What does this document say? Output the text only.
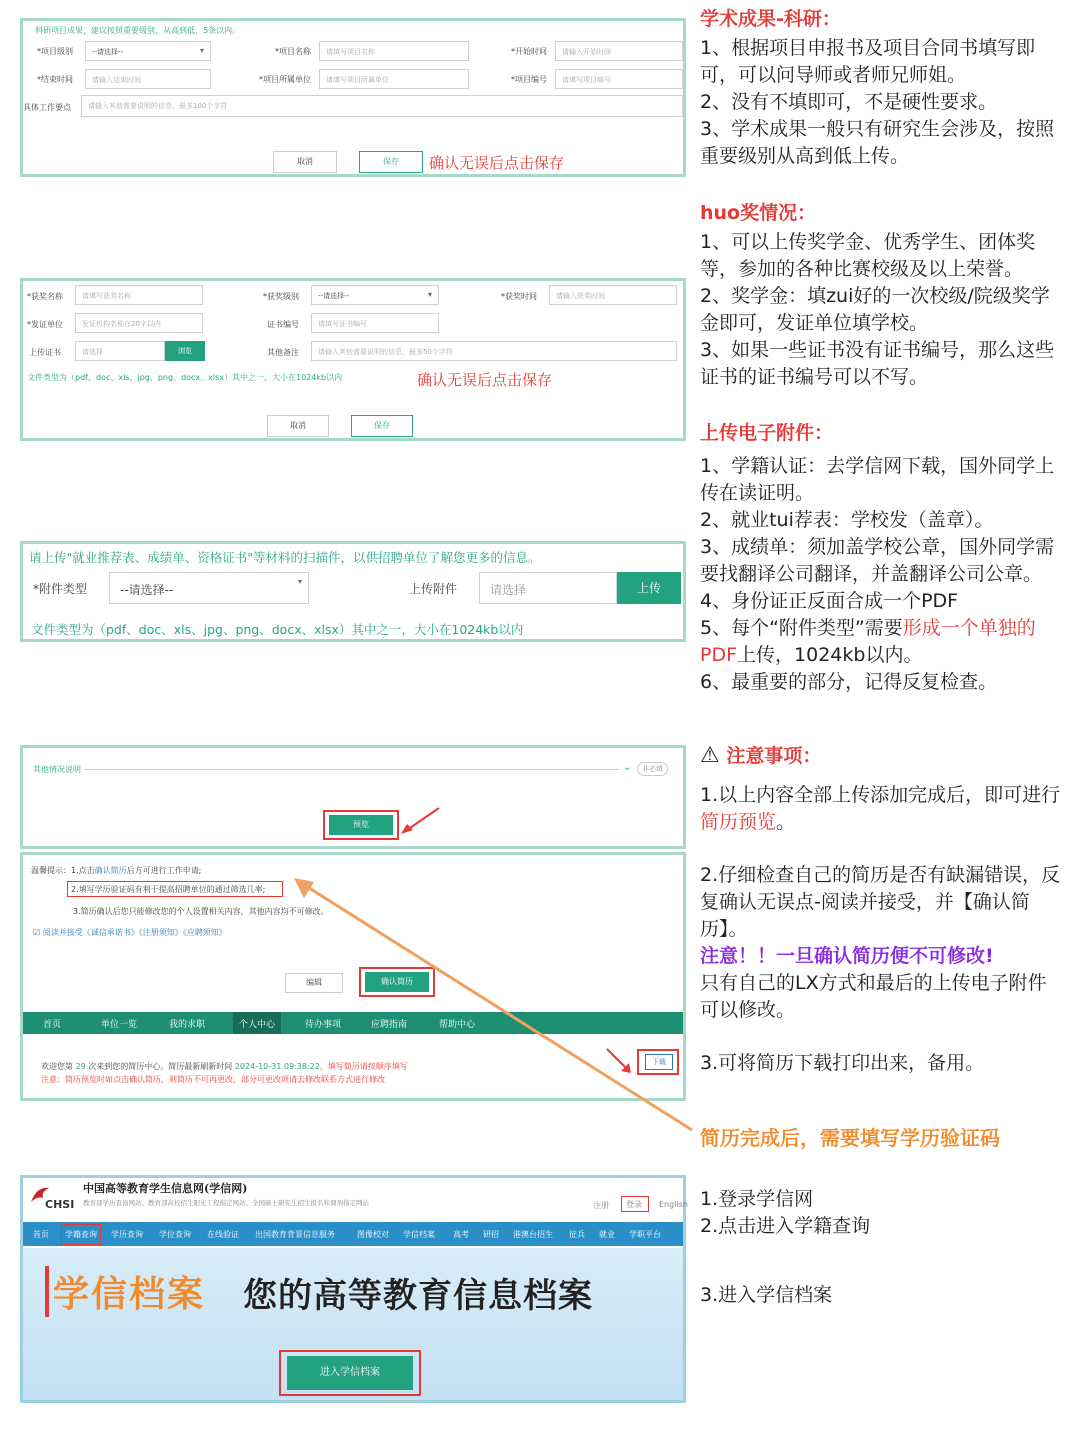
科研项目成果，建议按照重要级别，从高到低，5条以内。
*项目级别	--请选择-- ▾	*项目名称	请填写项目名称	*开始时间	请输入开始时间
*结束时间	请输入结束时间	*项目所属单位	请填写项目所属单位	*项目编号	请填写项目编号
具体工作要点	请输入其他需要说明的信息，最多100个字符
取消	保存	确认无误后点击保存
*获奖名称	请填写获奖名称	*获奖级别	--请选择-- ▾	*获奖时间	请输入获奖时间
*发证单位	发证机构名称在20字以内	证书编号	请填写证书编号
上传证书	请选择	浏览	其他备注	请输入其他需要说明的信息，最多50个字符
文件类型为（pdf、doc、xls、jpg、png、docx、xlsx）其中之一，大小在1024kb以内	确认无误后点击保存
取消	保存
请上传"就业推荐表、成绩单、资格证书"等材料的扫描件，以供招聘单位了解您更多的信息。
*附件类型	--请选择-- ▾	上传附件	请选择	上传
文件类型为（pdf、doc、xls、jpg、png、docx、xlsx）其中之一，大小在1024kb以内
其他情况说明	⌄	非必填
预览
温馨提示：1.点击确认简历后方可进行工作申请;
2.填写学历验证码有利于提高招聘单位的通过筛选几率;
3.简历确认后您只能修改您的个人设置相关内容，其他内容均不可修改。
☑ 阅读并接受《诚信承诺书》《注册须知》《应聘须知》
编辑	确认简历
首页	单位一览	我的求职	个人中心	待办事项	应聘指南	帮助中心
欢迎您第 29 次来到您的简历中心。简历最新刷新时间 2024-10-31 09:38:22，填写简历请按顺序填写
注意：简历预览时如点击确认简历，则简历不可再更改，部分可更改项请去修改联系方式进行修改
下载
CHSI
中国高等教育学生信息网(学信网)
教育部学历查询网站、教育部高校招生阳光工程指定网站、全国硕士研究生招生报名和调剂指定网站	注册 登录 English
首页	学籍查询	学历查询 学位查询 在线验证 出国教育背景信息服务	图像校对 学信档案 高考 研招 港澳台招生 征兵 就业 学职平台
学信档案 您的高等教育信息档案
进入学信档案
学术成果-科研：

1、根据项目申报书及项目合同书填写即可，可以问导师或者师兄师姐。

2、没有不填即可，不是硬性要求。

3、学术成果一般只有研究生会涉及，按照重要级别从高到低上传。

huo奖情况：

1、可以上传奖学金、优秀学生、团体奖等，参加的各种比赛校级及以上荣誉。

2、奖学金：填zui好的一次校级/院级奖学金即可，发证单位填学校。

3、如果一些证书没有证书编号，那么这些证书的证书编号可以不写。

上传电子附件：

1、学籍认证：去学信网下载，国外同学上传在读证明。

2、就业tui荐表：学校发（盖章）。

3、成绩单：须加盖学校公章，国外同学需要找翻译公司翻译，并盖翻译公司公章。

4、身份证正反面合成一个PDF

5、每个“附件类型”需要形成一个单独的PDF上传，1024kb以内。

6、最重要的部分，记得反复检查。

⚠ 注意事项：

1.以上内容全部上传添加完成后，即可进行简历预览。

2.仔细检查自己的简历是否有缺漏错误，反复确认无误点-阅读并接受，并【确认简历】。

注意！！一旦确认简历便不可修改!

只有自己的LX方式和最后的上传电子附件可以修改。

3.可将简历下载打印出来，备用。

简历完成后，需要填写学历验证码

1.登录学信网

2.点击进入学籍查询

3.进入学信档案
